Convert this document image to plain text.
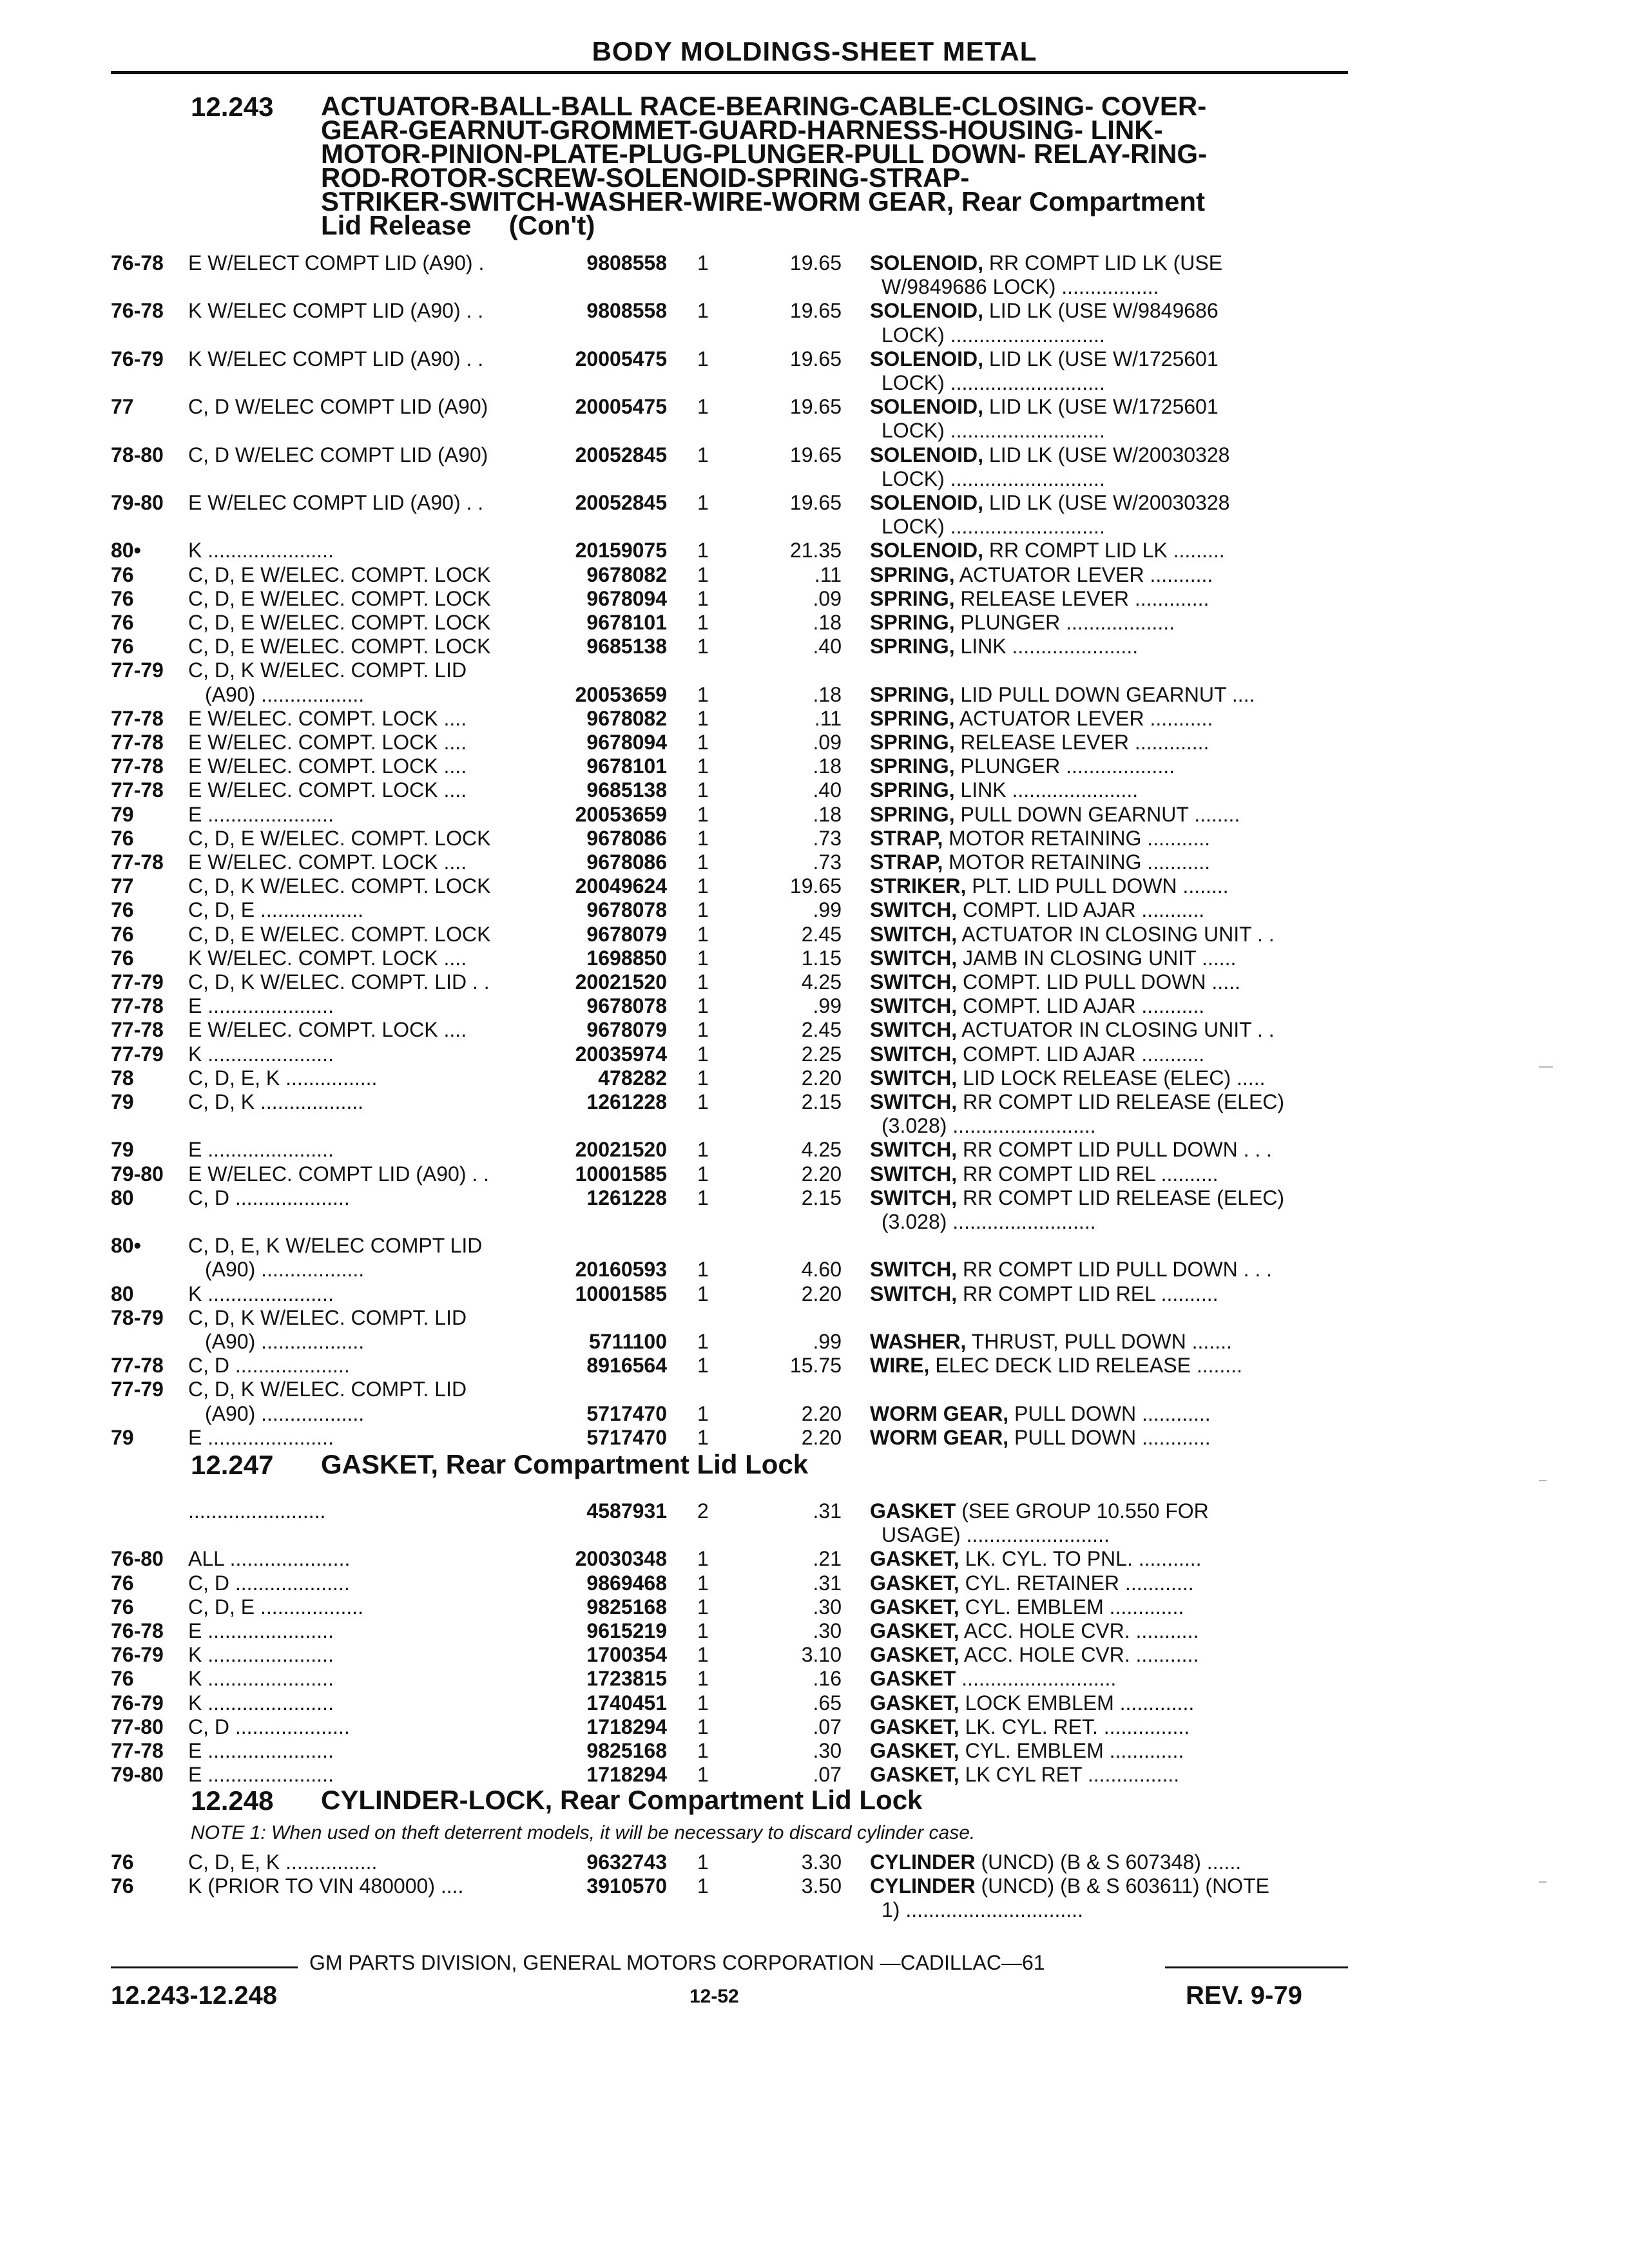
BODY MOLDINGS-SHEET METAL
12.243 ACTUATOR-BALL-BALL RACE-BEARING-CABLE-CLOSING- COVER-
GEAR-GEARNUT-GROMMET-GUARD-HARNESS-HOUSING- LINK-
MOTOR-PINION-PLATE-PLUG-PLUNGER-PULL DOWN- RELAY-RING-
ROD-ROTOR-SCREW-SOLENOID-SPRING-STRAP-
STRIKER-SWITCH-WASHER-WIRE-WORM GEAR, Rear Compartment
Lid Release     (Con't)
76-78	E W/ELECT COMPT LID (A90) .	9808558 1	19.65 SOLENOID, RR COMPT LID LK (USE
W/9849686 LOCK) .................
76-78	K W/ELEC COMPT LID (A90) . .	9808558 1	19.65 SOLENOID, LID LK (USE W/9849686
LOCK) ...........................
76-79	K W/ELEC COMPT LID (A90) . .	20005475 1	19.65 SOLENOID, LID LK (USE W/1725601
LOCK) ...........................
77	C, D W/ELEC COMPT LID (A90)	20005475 1	19.65 SOLENOID, LID LK (USE W/1725601
LOCK) ...........................
78-80	C, D W/ELEC COMPT LID (A90)	20052845 1	19.65 SOLENOID, LID LK (USE W/20030328
LOCK) ...........................
79-80	E W/ELEC COMPT LID (A90) . .	20052845 1	19.65 SOLENOID, LID LK (USE W/20030328
LOCK) ...........................
80•	K ......................	20159075 1	21.35 SOLENOID, RR COMPT LID LK .........
76	C, D, E W/ELEC. COMPT. LOCK	9678082 1	.11 SPRING, ACTUATOR LEVER ...........
76	C, D, E W/ELEC. COMPT. LOCK	9678094 1	.09 SPRING, RELEASE LEVER .............
76	C, D, E W/ELEC. COMPT. LOCK	9678101 1	.18 SPRING, PLUNGER ...................
76	C, D, E W/ELEC. COMPT. LOCK	9685138 1	.40 SPRING, LINK ......................
77-79	C, D, K W/ELEC. COMPT. LID
(A90) ..................	20053659 1	.18 SPRING, LID PULL DOWN GEARNUT ....
77-78	E W/ELEC. COMPT. LOCK ....	9678082 1	.11 SPRING, ACTUATOR LEVER ...........
77-78	E W/ELEC. COMPT. LOCK ....	9678094 1	.09 SPRING, RELEASE LEVER .............
77-78	E W/ELEC. COMPT. LOCK ....	9678101 1	.18 SPRING, PLUNGER ...................
77-78	E W/ELEC. COMPT. LOCK ....	9685138 1	.40 SPRING, LINK ......................
79	E ......................	20053659 1	.18 SPRING, PULL DOWN GEARNUT ........
76	C, D, E W/ELEC. COMPT. LOCK	9678086 1	.73 STRAP, MOTOR RETAINING ...........
77-78	E W/ELEC. COMPT. LOCK ....	9678086 1	.73 STRAP, MOTOR RETAINING ...........
77	C, D, K W/ELEC. COMPT. LOCK	20049624 1	19.65 STRIKER, PLT. LID PULL DOWN ........
76	C, D, E ..................	9678078 1	.99 SWITCH, COMPT. LID AJAR ...........
76	C, D, E W/ELEC. COMPT. LOCK	9678079 1	2.45 SWITCH, ACTUATOR IN CLOSING UNIT . .
76	K W/ELEC. COMPT. LOCK ....	1698850 1	1.15 SWITCH, JAMB IN CLOSING UNIT ......
77-79	C, D, K W/ELEC. COMPT. LID . .	20021520 1	4.25 SWITCH, COMPT. LID PULL DOWN .....
77-78	E ......................	9678078 1	.99 SWITCH, COMPT. LID AJAR ...........
77-78	E W/ELEC. COMPT. LOCK ....	9678079 1	2.45 SWITCH, ACTUATOR IN CLOSING UNIT . .
77-79	K ......................	20035974 1	2.25 SWITCH, COMPT. LID AJAR ...........
78	C, D, E, K ................	478282 1	2.20 SWITCH, LID LOCK RELEASE (ELEC) .....
79	C, D, K ..................	1261228 1	2.15 SWITCH, RR COMPT LID RELEASE (ELEC)
(3.028) .........................
79	E ......................	20021520 1	4.25 SWITCH, RR COMPT LID PULL DOWN . . .
79-80	E W/ELEC. COMPT LID (A90) . .	10001585 1	2.20 SWITCH, RR COMPT LID REL ..........
80	C, D ....................	1261228 1	2.15 SWITCH, RR COMPT LID RELEASE (ELEC)
(3.028) .........................
80•	C, D, E, K W/ELEC COMPT LID
(A90) ..................	20160593 1	4.60 SWITCH, RR COMPT LID PULL DOWN . . .
80	K ......................	10001585 1	2.20 SWITCH, RR COMPT LID REL ..........
78-79	C, D, K W/ELEC. COMPT. LID
(A90) ..................	5711100 1	.99 WASHER, THRUST, PULL DOWN .......
77-78	C, D ....................	8916564 1	15.75 WIRE, ELEC DECK LID RELEASE ........
77-79	C, D, K W/ELEC. COMPT. LID
(A90) ..................	5717470 1	2.20 WORM GEAR, PULL DOWN ............
79	E ......................	5717470 1	2.20 WORM GEAR, PULL DOWN ............
12.247 GASKET, Rear Compartment Lid Lock
........................	4587931 2	.31 GASKET (SEE GROUP 10.550 FOR
USAGE) .........................
76-80	ALL .....................	20030348 1	.21 GASKET, LK. CYL. TO PNL. ...........
76	C, D ....................	9869468 1	.31 GASKET, CYL. RETAINER ............
76	C, D, E ..................	9825168 1	.30 GASKET, CYL. EMBLEM .............
76-78	E ......................	9615219 1	.30 GASKET, ACC. HOLE CVR. ...........
76-79	K ......................	1700354 1	3.10 GASKET, ACC. HOLE CVR. ...........
76	K ......................	1723815 1	.16 GASKET ...........................
76-79	K ......................	1740451 1	.65 GASKET, LOCK EMBLEM .............
77-80	C, D ....................	1718294 1	.07 GASKET, LK. CYL. RET. ...............
77-78	E ......................	9825168 1	.30 GASKET, CYL. EMBLEM .............
79-80	E ......................	1718294 1	.07 GASKET, LK CYL RET ................
12.248 CYLINDER-LOCK, Rear Compartment Lid Lock
NOTE 1: When used on theft deterrent models, it will be necessary to discard cylinder case.
76	C, D, E, K ................	9632743 1	3.30 CYLINDER (UNCD) (B & S 607348) ......
76	K (PRIOR TO VIN 480000) ....	3910570 1	3.50 CYLINDER (UNCD) (B & S 603611) (NOTE
1) ...............................
GM PARTS DIVISION, GENERAL MOTORS CORPORATION —CADILLAC—61
12.243-12.248	12-52	REV. 9-79
